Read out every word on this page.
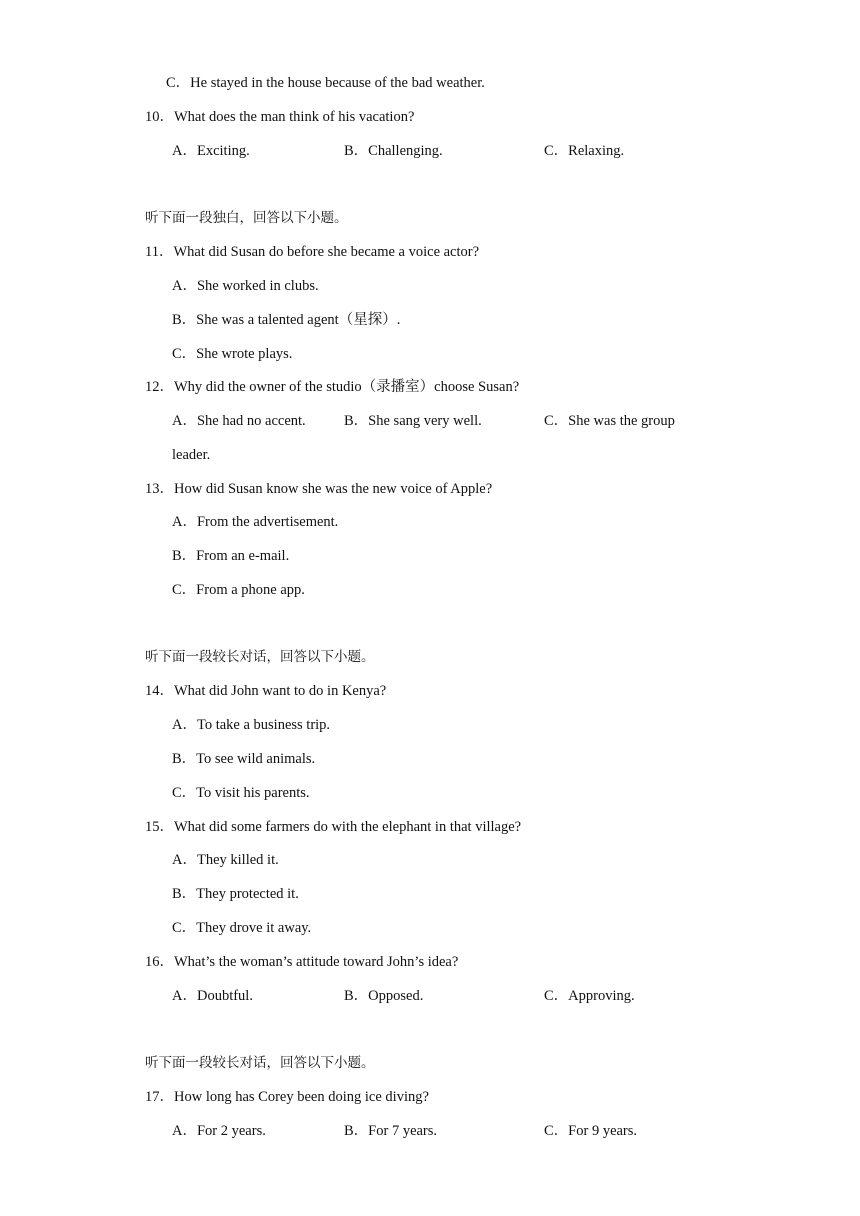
C．He stayed in the house because of the bad weather.
10．What does the man think of his vacation?
A．Exciting.	B．Challenging.	C．Relaxing.
听下面一段独白，回答以下小题。
11．What did Susan do before she became a voice actor?
A．She worked in clubs.
B．She was a talented agent（星探）.
C．She wrote plays.
12．Why did the owner of the studio（录播室）choose Susan?
A．She had no accent.	B．She sang very well.	C．She was the group
leader.
13．How did Susan know she was the new voice of Apple?
A．From the advertisement.
B．From an e-mail.
C．From a phone app.
听下面一段较长对话，回答以下小题。
14．What did John want to do in Kenya?
A．To take a business trip.
B．To see wild animals.
C．To visit his parents.
15．What did some farmers do with the elephant in that village?
A．They killed it.
B．They protected it.
C．They drove it away.
16．What’s the woman’s attitude toward John’s idea?
A．Doubtful.	B．Opposed.	C．Approving.
听下面一段较长对话，回答以下小题。
17．How long has Corey been doing ice diving?
A．For 2 years.	B．For 7 years.	C．For 9 years.
